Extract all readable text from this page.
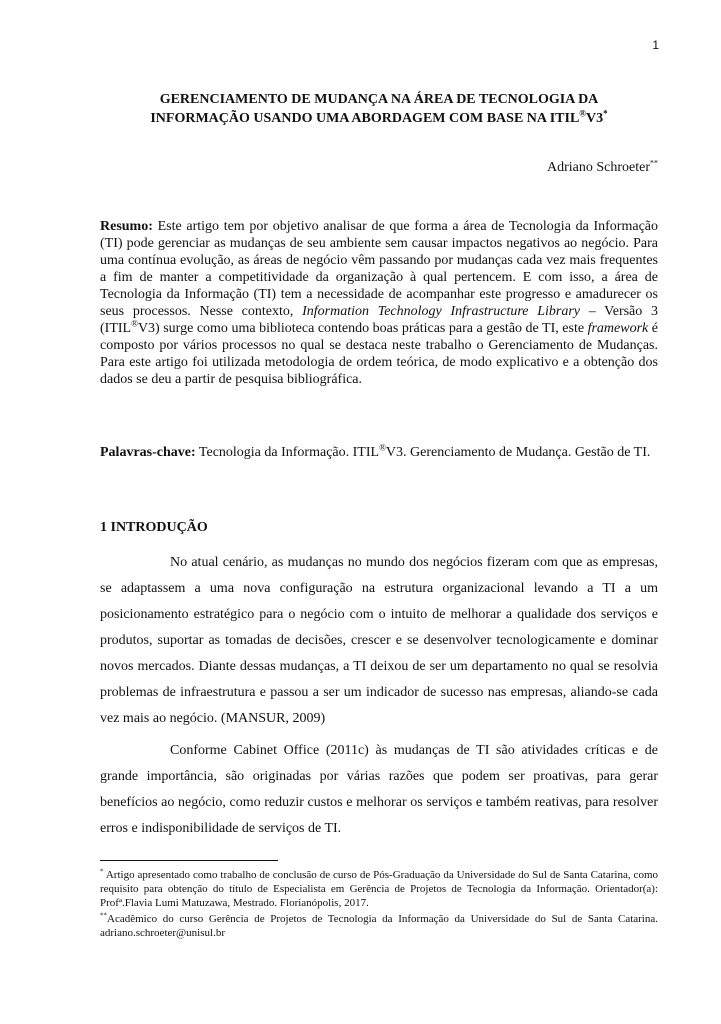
1
GERENCIAMENTO DE MUDANÇA NA ÁREA DE TECNOLOGIA DA
INFORMAÇÃO USANDO UMA ABORDAGEM COM BASE NA ITIL®V3*
Adriano Schroeter**

Resumo: Este artigo tem por objetivo analisar de que forma a área de Tecnologia da Informação (TI) pode gerenciar as mudanças de seu ambiente sem causar impactos negativos ao negócio. Para uma contínua evolução, as áreas de negócio vêm passando por mudanças cada vez mais frequentes a fim de manter a competitividade da organização à qual pertencem. E com isso, a área de Tecnologia da Informação (TI) tem a necessidade de acompanhar este progresso e amadurecer os seus processos. Nesse contexto, Information Technology Infrastructure Library – Versão 3 (ITIL®V3) surge como uma biblioteca contendo boas práticas para a gestão de TI, este framework é composto por vários processos no qual se destaca neste trabalho o Gerenciamento de Mudanças. Para este artigo foi utilizada metodologia de ordem teórica, de modo explicativo e a obtenção dos dados se deu a partir de pesquisa bibliográfica.

Palavras-chave: Tecnologia da Informação. ITIL®V3. Gerenciamento de Mudança. Gestão de TI.

1 INTRODUÇÃO

No atual cenário, as mudanças no mundo dos negócios fizeram com que as empresas, se adaptassem a uma nova configuração na estrutura organizacional levando a TI a um posicionamento estratégico para o negócio com o intuito de melhorar a qualidade dos serviços e produtos, suportar as tomadas de decisões, crescer e se desenvolver tecnologicamente e dominar novos mercados. Diante dessas mudanças, a TI deixou de ser um departamento no qual se resolvia problemas de infraestrutura e passou a ser um indicador de sucesso nas empresas, aliando-se cada vez mais ao negócio. (MANSUR, 2009)

Conforme Cabinet Office (2011c) às mudanças de TI são atividades críticas e de grande importância, são originadas por várias razões que podem ser proativas, para gerar benefícios ao negócio, como reduzir custos e melhorar os serviços e também reativas, para resolver erros e indisponibilidade de serviços de TI.

* Artigo apresentado como trabalho de conclusão de curso de Pós-Graduação da Universidade do Sul de Santa Catarina, como requisito para obtenção do título de Especialista em Gerência de Projetos de Tecnologia da Informação. Orientador(a): Profª.Flavia Lumi Matuzawa, Mestrado. Florianópolis, 2017.

**Acadêmico do curso Gerência de Projetos de Tecnologia da Informação da Universidade do Sul de Santa Catarina. adriano.schroeter@unisul.br
